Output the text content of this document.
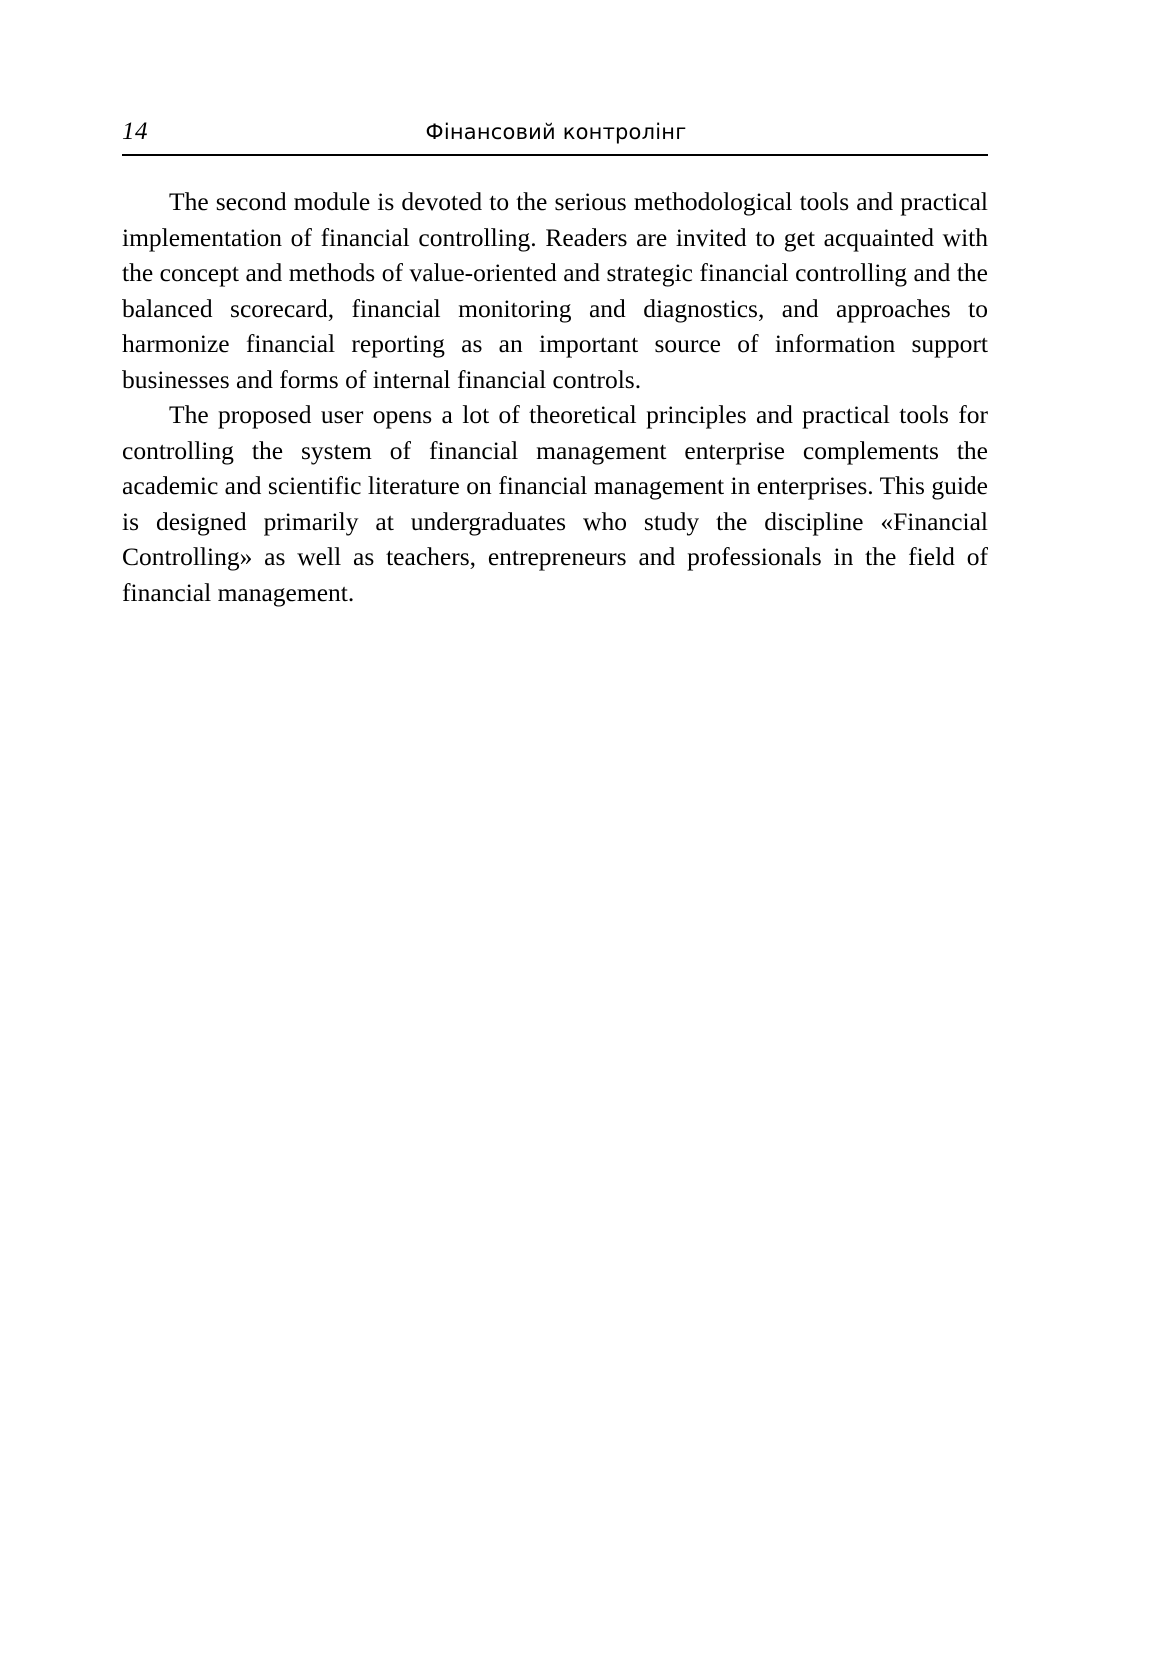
14	Фінансовий контролінг

The second module is devoted to the serious methodological tools and practical implementation of financial controlling. Readers are invited to get acquainted with the concept and methods of value-oriented and strategic financial controlling and the balanced scorecard, financial monitoring and diagnostics, and approaches to harmonize financial reporting as an important source of information support businesses and forms of internal financial controls.

The proposed user opens a lot of theoretical principles and practical tools for controlling the system of financial management enterprise complements the academic and scientific literature on financial management in enterprises. This guide is designed primarily at undergraduates who study the discipline «Financial Controlling» as well as teachers, entrepreneurs and professionals in the field of financial management.
